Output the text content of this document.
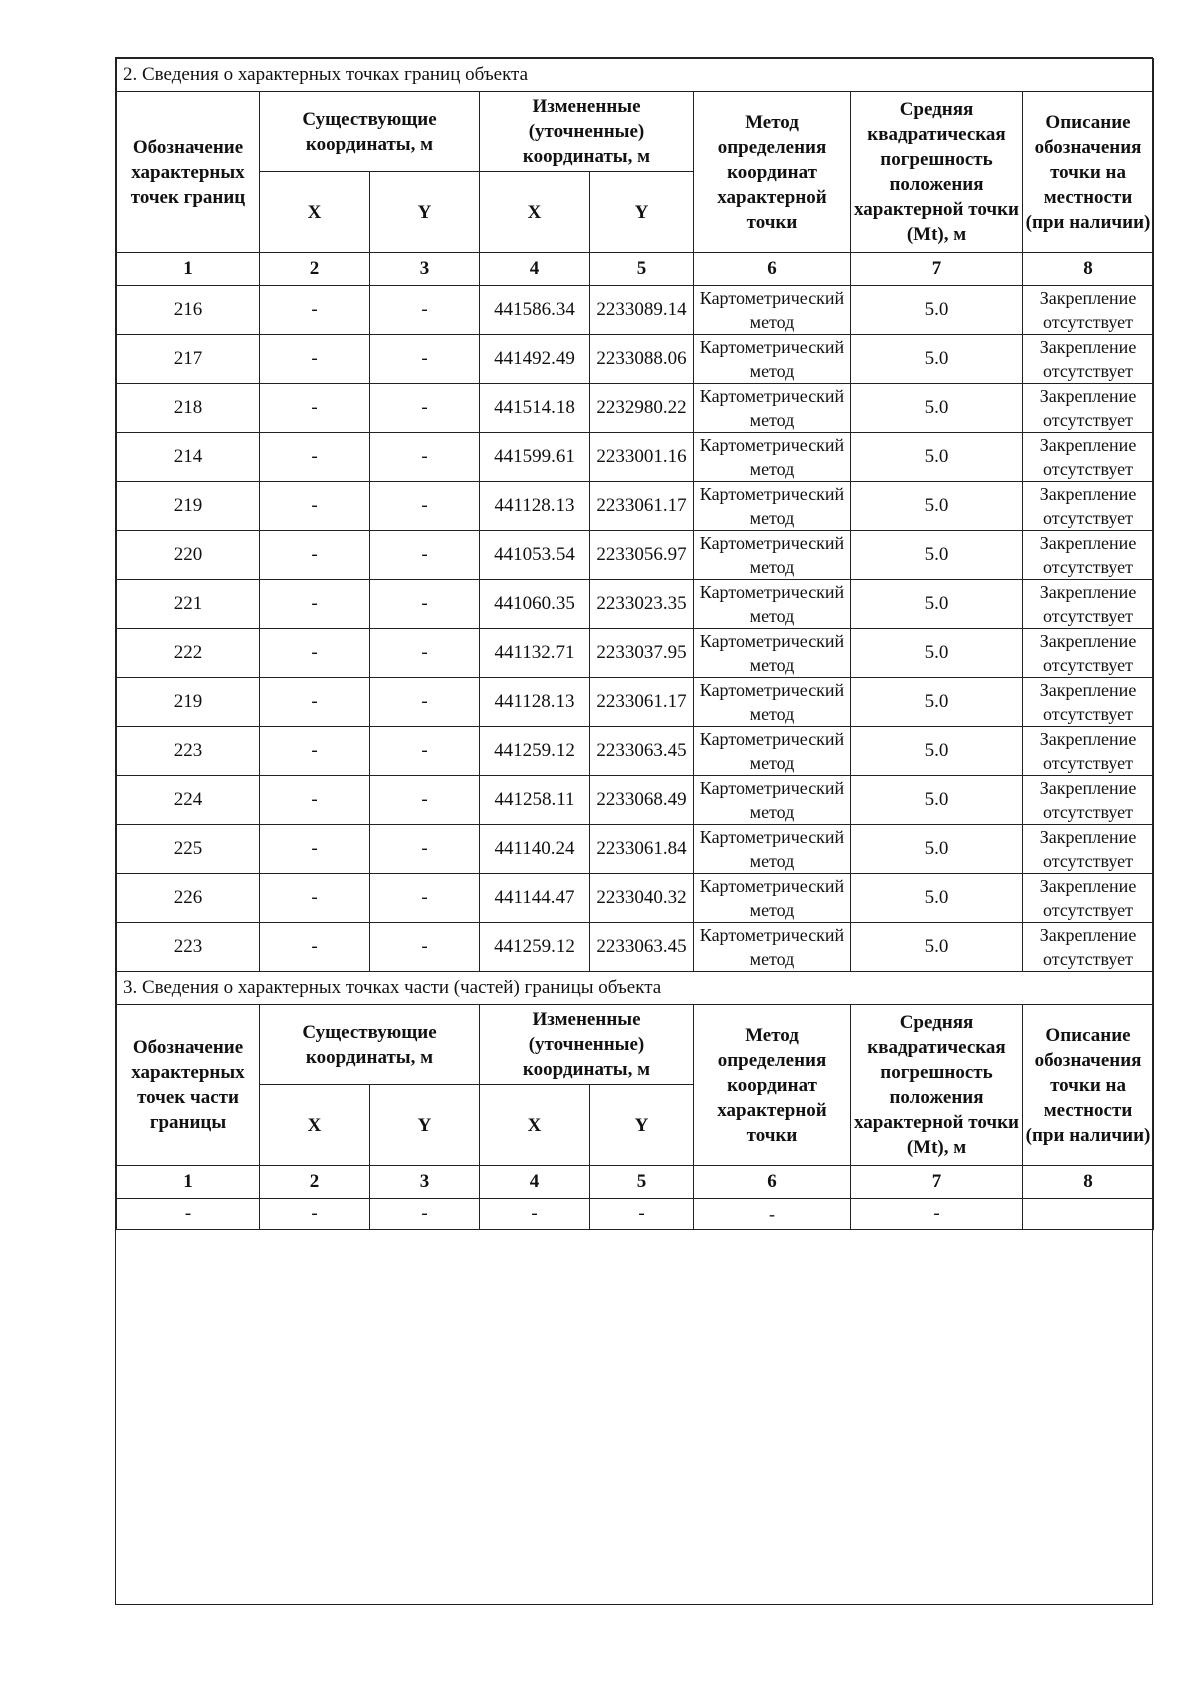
2. Сведения о характерных точках границ объекта							
Обозначение характерных точек границ	Существующие координаты, м		Измененные (уточненные) координаты, м		Метод определения координат характерной точки	Средняя квадратическая погрешность положения характерной точки (Mt), м	Описание обозначения точки на местности (при наличии)
	X	Y	X	Y			
1	2	3	4	5	6	7	8
216	-	-	441586.34	2233089.14	Картометрический метод	5.0	Закрепление отсутствует
217	-	-	441492.49	2233088.06	Картометрический метод	5.0	Закрепление отсутствует
218	-	-	441514.18	2232980.22	Картометрический метод	5.0	Закрепление отсутствует
214	-	-	441599.61	2233001.16	Картометрический метод	5.0	Закрепление отсутствует
219	-	-	441128.13	2233061.17	Картометрический метод	5.0	Закрепление отсутствует
220	-	-	441053.54	2233056.97	Картометрический метод	5.0	Закрепление отсутствует
221	-	-	441060.35	2233023.35	Картометрический метод	5.0	Закрепление отсутствует
222	-	-	441132.71	2233037.95	Картометрический метод	5.0	Закрепление отсутствует
219	-	-	441128.13	2233061.17	Картометрический метод	5.0	Закрепление отсутствует
223	-	-	441259.12	2233063.45	Картометрический метод	5.0	Закрепление отсутствует
224	-	-	441258.11	2233068.49	Картометрический метод	5.0	Закрепление отсутствует
225	-	-	441140.24	2233061.84	Картометрический метод	5.0	Закрепление отсутствует
226	-	-	441144.47	2233040.32	Картометрический метод	5.0	Закрепление отсутствует
223	-	-	441259.12	2233063.45	Картометрический метод	5.0	Закрепление отсутствует
3. Сведения о характерных точках части (частей) границы объекта							
Обозначение характерных точек части границы	Существующие координаты, м		Измененные (уточненные) координаты, м		Метод определения координат характерной точки	Средняя квадратическая погрешность положения характерной точки (Mt), м	Описание обозначения точки на местности (при наличии)
	X	Y	X	Y			
1	2	3	4	5	6	7	8
-	-	-	-	-	-	-	
